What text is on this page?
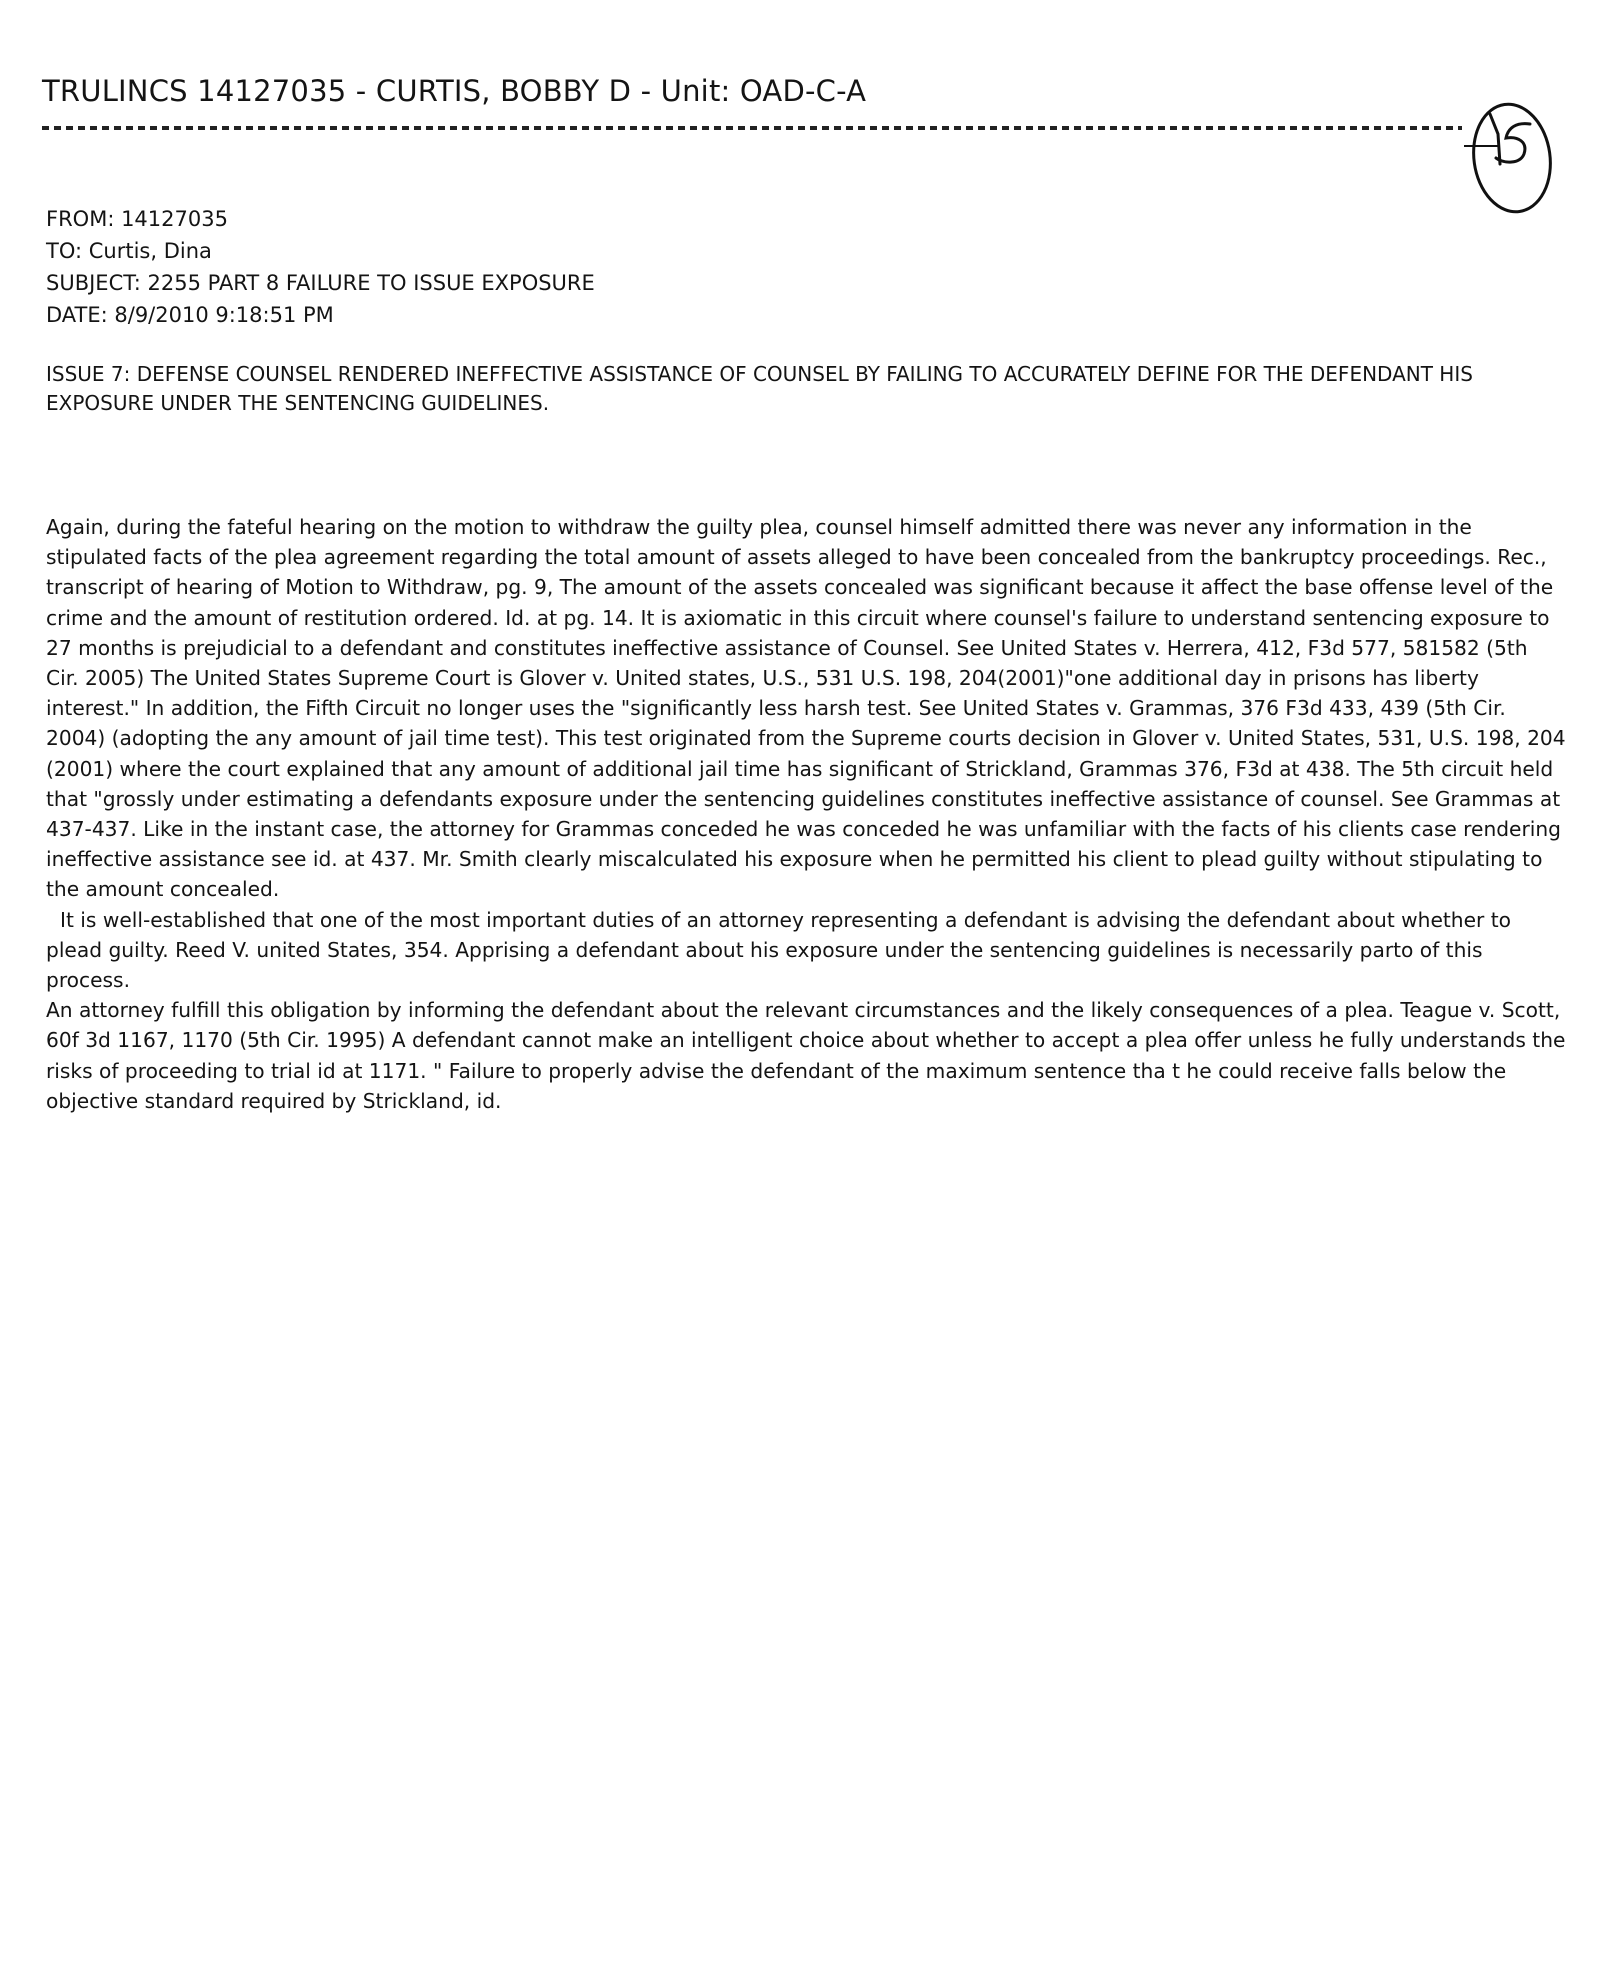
TRULINCS 14127035 - CURTIS, BOBBY D - Unit: OAD-C-A
FROM: 14127035
TO: Curtis, Dina
SUBJECT: 2255 PART 8 FAILURE TO ISSUE EXPOSURE
DATE: 8/9/2010 9:18:51 PM
ISSUE 7: DEFENSE COUNSEL RENDERED INEFFECTIVE ASSISTANCE OF COUNSEL BY FAILING TO ACCURATELY DEFINE FOR THE DEFENDANT HIS EXPOSURE UNDER THE SENTENCING GUIDELINES.

Again, during the fateful hearing on the motion to withdraw the guilty plea, counsel himself admitted there was never any information in the stipulated facts of the plea agreement regarding the total amount of assets alleged to have been concealed from the bankruptcy proceedings. Rec., transcript of hearing of Motion to Withdraw, pg. 9, The amount of the assets concealed was significant because it affect the base offense level of the crime and the amount of restitution ordered. Id. at pg. 14. It is axiomatic in this circuit where counsel's failure to understand sentencing exposure to 27 months is prejudicial to a defendant and constitutes ineffective assistance of Counsel. See United States v. Herrera, 412, F3d 577, 581582 (5th Cir. 2005) The United States Supreme Court is Glover v. United states, U.S., 531 U.S. 198, 204(2001)"one additional day in prisons has liberty interest." In addition, the Fifth Circuit no longer uses the "significantly less harsh test. See United States v. Grammas, 376 F3d 433, 439 (5th Cir. 2004) (adopting the any amount of jail time test). This test originated from the Supreme courts decision in Glover v. United States, 531, U.S. 198, 204 (2001) where the court explained that any amount of additional jail time has significant of Strickland, Grammas 376, F3d at 438. The 5th circuit held that "grossly under estimating a defendants exposure under the sentencing guidelines constitutes ineffective assistance of counsel. See Grammas at 437-437. Like in the instant case, the attorney for Grammas conceded he was conceded he was unfamiliar with the facts of his clients case rendering ineffective assistance see id. at 437. Mr. Smith clearly miscalculated his exposure when he permitted his client to plead guilty without stipulating to the amount concealed.

It is well-established that one of the most important duties of an attorney representing a defendant is advising the defendant about whether to plead guilty. Reed V. united States, 354. Apprising a defendant about his exposure under the sentencing guidelines is necessarily parto of this process.

An attorney fulfill this obligation by informing the defendant about the relevant circumstances and the likely consequences of a plea. Teague v. Scott, 60f 3d 1167, 1170 (5th Cir. 1995) A defendant cannot make an intelligent choice about whether to accept a plea offer unless he fully understands the risks of proceeding to trial id at 1171. " Failure to properly advise the defendant of the maximum sentence tha t he could receive falls below the objective standard required by Strickland, id.
